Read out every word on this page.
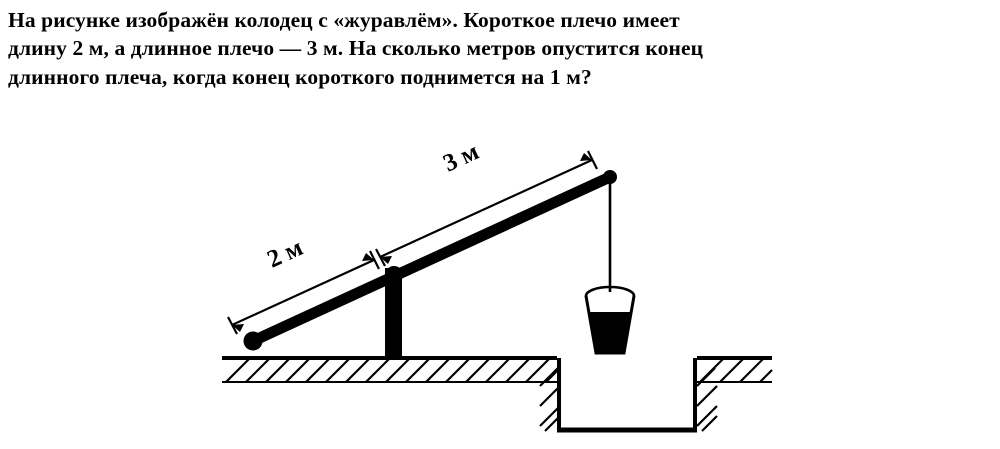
На рисунке изображён колодец с «журавлём». Короткое плечо имеет
длину 2 м, а длинное плечо — 3 м. На сколько метров опустится конец
длинного плеча, когда конец короткого поднимется на 1 м?
2 м
3 м
